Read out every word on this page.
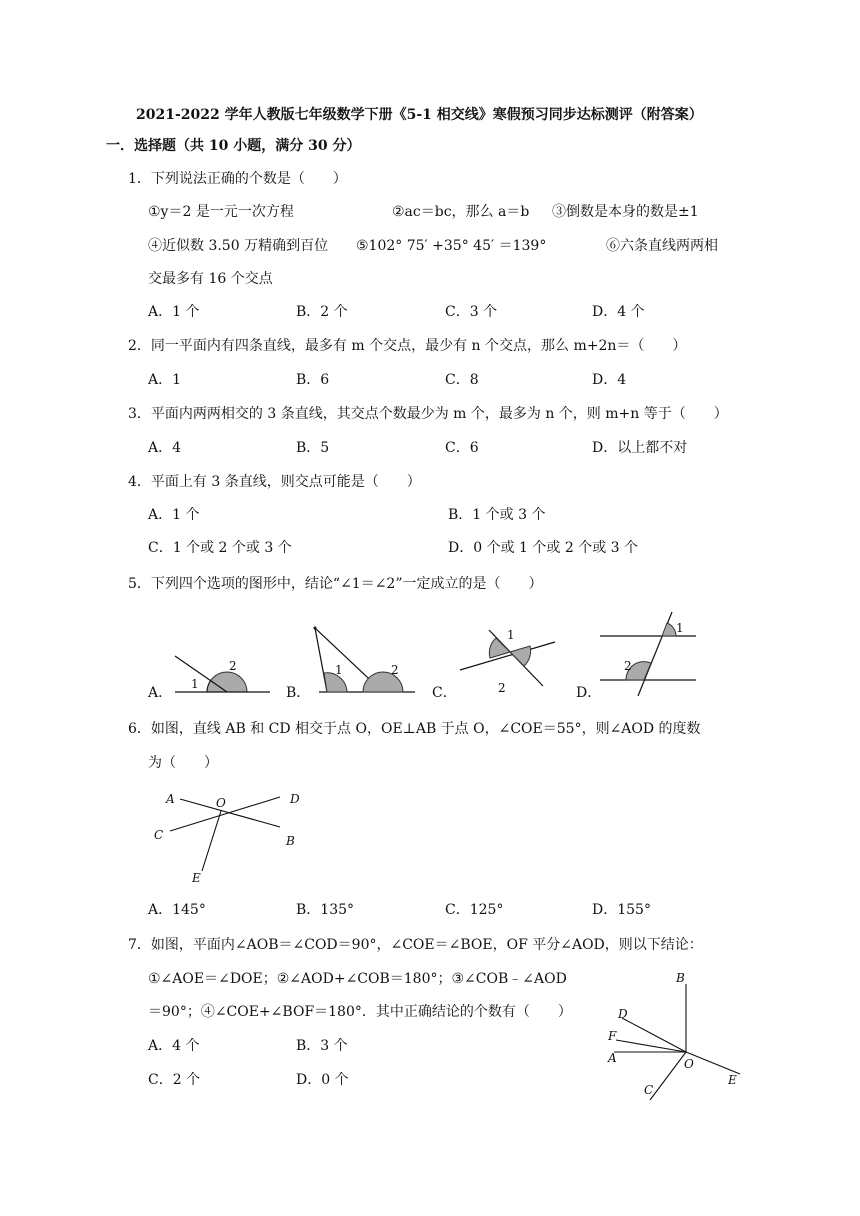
2021-2022 学年人教版七年级数学下册《5-1 相交线》寒假预习同步达标测评（附答案）
一．选择题（共 10 小题，满分 30 分）
1．下列说法正确的个数是（　　）
①y＝2 是一元一次方程	②ac＝bc，那么 a＝b ③倒数是本身的数是±1
④近似数 3.50 万精确到百位 ⑤102° 75′ +35° 45′ ＝139°	⑥六条直线两两相
交最多有 16 个交点
A．1 个	B．2 个	C．3 个	D．4 个
2．同一平面内有四条直线，最多有 m 个交点，最少有 n 个交点，那么 m+2n＝（　　）
A．1	B．6	C．8	D．4
3．平面内两两相交的 3 条直线，其交点个数最少为 m 个，最多为 n 个，则 m+n 等于（　　）
A．4	B．5	C．6	D．以上都不对
4．平面上有 3 条直线，则交点可能是（　　）
A．1 个	B．1 个或 3 个
C．1 个或 2 个或 3 个	D．0 个或 1 个或 2 个或 3 个
5．下列四个选项的图形中，结论“∠1＝∠2”一定成立的是（　　）
A．	B．	C．	D．
1
2	1	2
1
2
1
2
6．如图，直线 AB 和 CD 相交于点 O，OE⊥AB 于点 O，∠COE＝55°，则∠AOD 的度数
为（　　）
A	O	D
C	B
E
A．145°	B．135°	C．125°	D．155°
7．如图，平面内∠AOB＝∠COD＝90°，∠COE＝∠BOE，OF 平分∠AOD，则以下结论：
①∠AOE＝∠DOE；②∠AOD+∠COB＝180°；③∠COB﹣∠AOD
＝90°；④∠COE+∠BOF＝180°．其中正确结论的个数有（　　）
A．4 个	B．3 个
C．2 个	D．0 个
B
D
F
A	O
C
E
